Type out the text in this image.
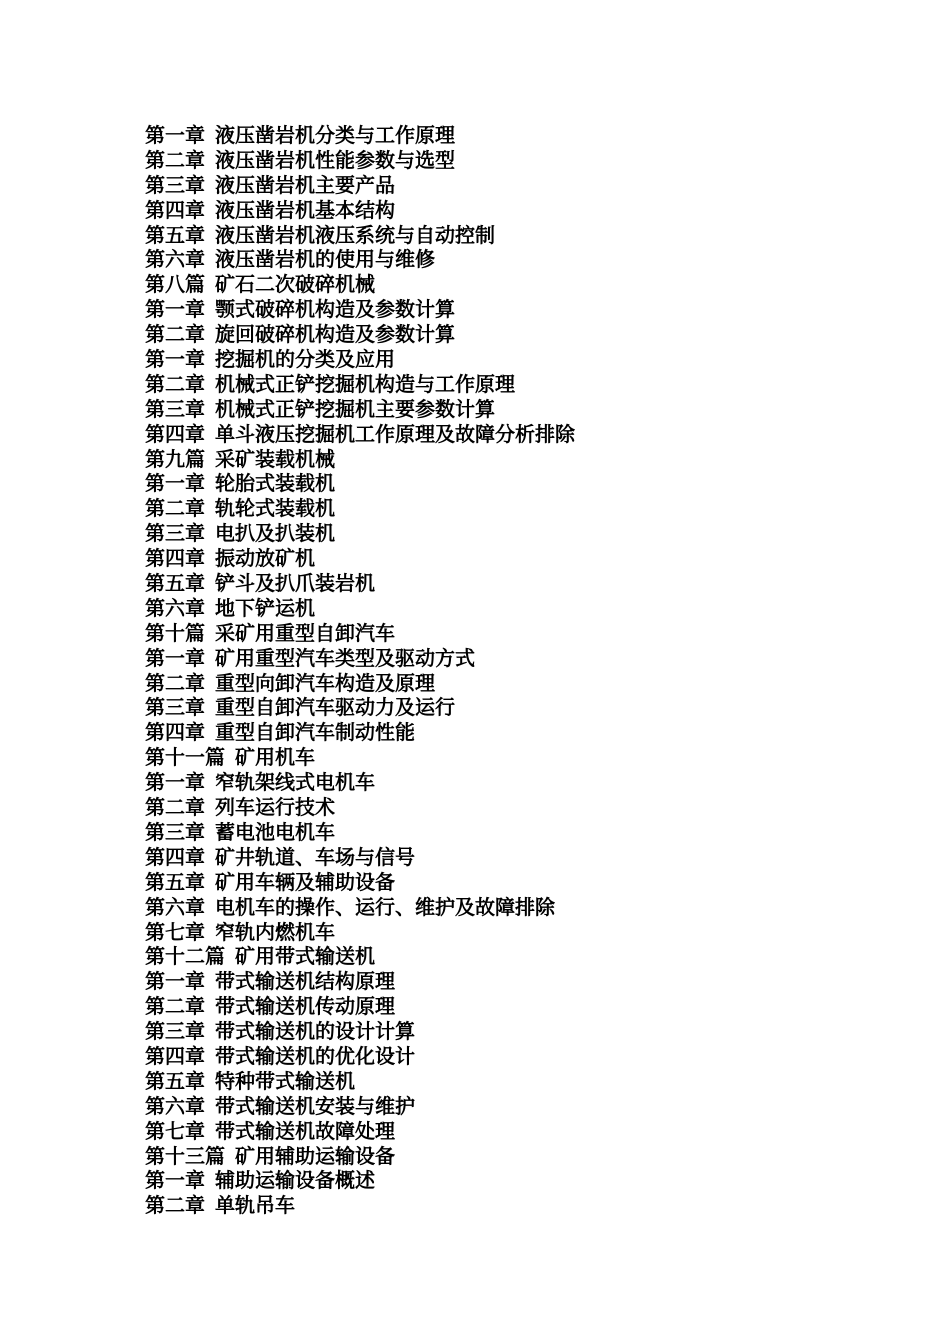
第一章 液压凿岩机分类与工作原理
第二章 液压凿岩机性能参数与选型
第三章 液压凿岩机主要产品
第四章 液压凿岩机基本结构
第五章 液压凿岩机液压系统与自动控制
第六章 液压凿岩机的使用与维修
第八篇 矿石二次破碎机械
第一章 颚式破碎机构造及参数计算
第二章 旋回破碎机构造及参数计算
第一章 挖掘机的分类及应用
第二章 机械式正铲挖掘机构造与工作原理
第三章 机械式正铲挖掘机主要参数计算
第四章 单斗液压挖掘机工作原理及故障分析排除
第九篇 采矿装载机械
第一章 轮胎式装载机
第二章 轨轮式装载机
第三章 电扒及扒装机
第四章 振动放矿机
第五章 铲斗及扒爪装岩机
第六章 地下铲运机
第十篇 采矿用重型自卸汽车
第一章 矿用重型汽车类型及驱动方式
第二章 重型向卸汽车构造及原理
第三章 重型自卸汽车驱动力及运行
第四章 重型自卸汽车制动性能
第十一篇 矿用机车
第一章 窄轨架线式电机车
第二章 列车运行技术
第三章 蓄电池电机车
第四章 矿井轨道、车场与信号
第五章 矿用车辆及辅助设备
第六章 电机车的操作、运行、维护及故障排除
第七章 窄轨内燃机车
第十二篇 矿用带式输送机
第一章 带式输送机结构原理
第二章 带式输送机传动原理
第三章 带式输送机的设计计算
第四章 带式输送机的优化设计
第五章 特种带式输送机
第六章 带式输送机安装与维护
第七章 带式输送机故障处理
第十三篇 矿用辅助运输设备
第一章 辅助运输设备概述
第二章 单轨吊车
